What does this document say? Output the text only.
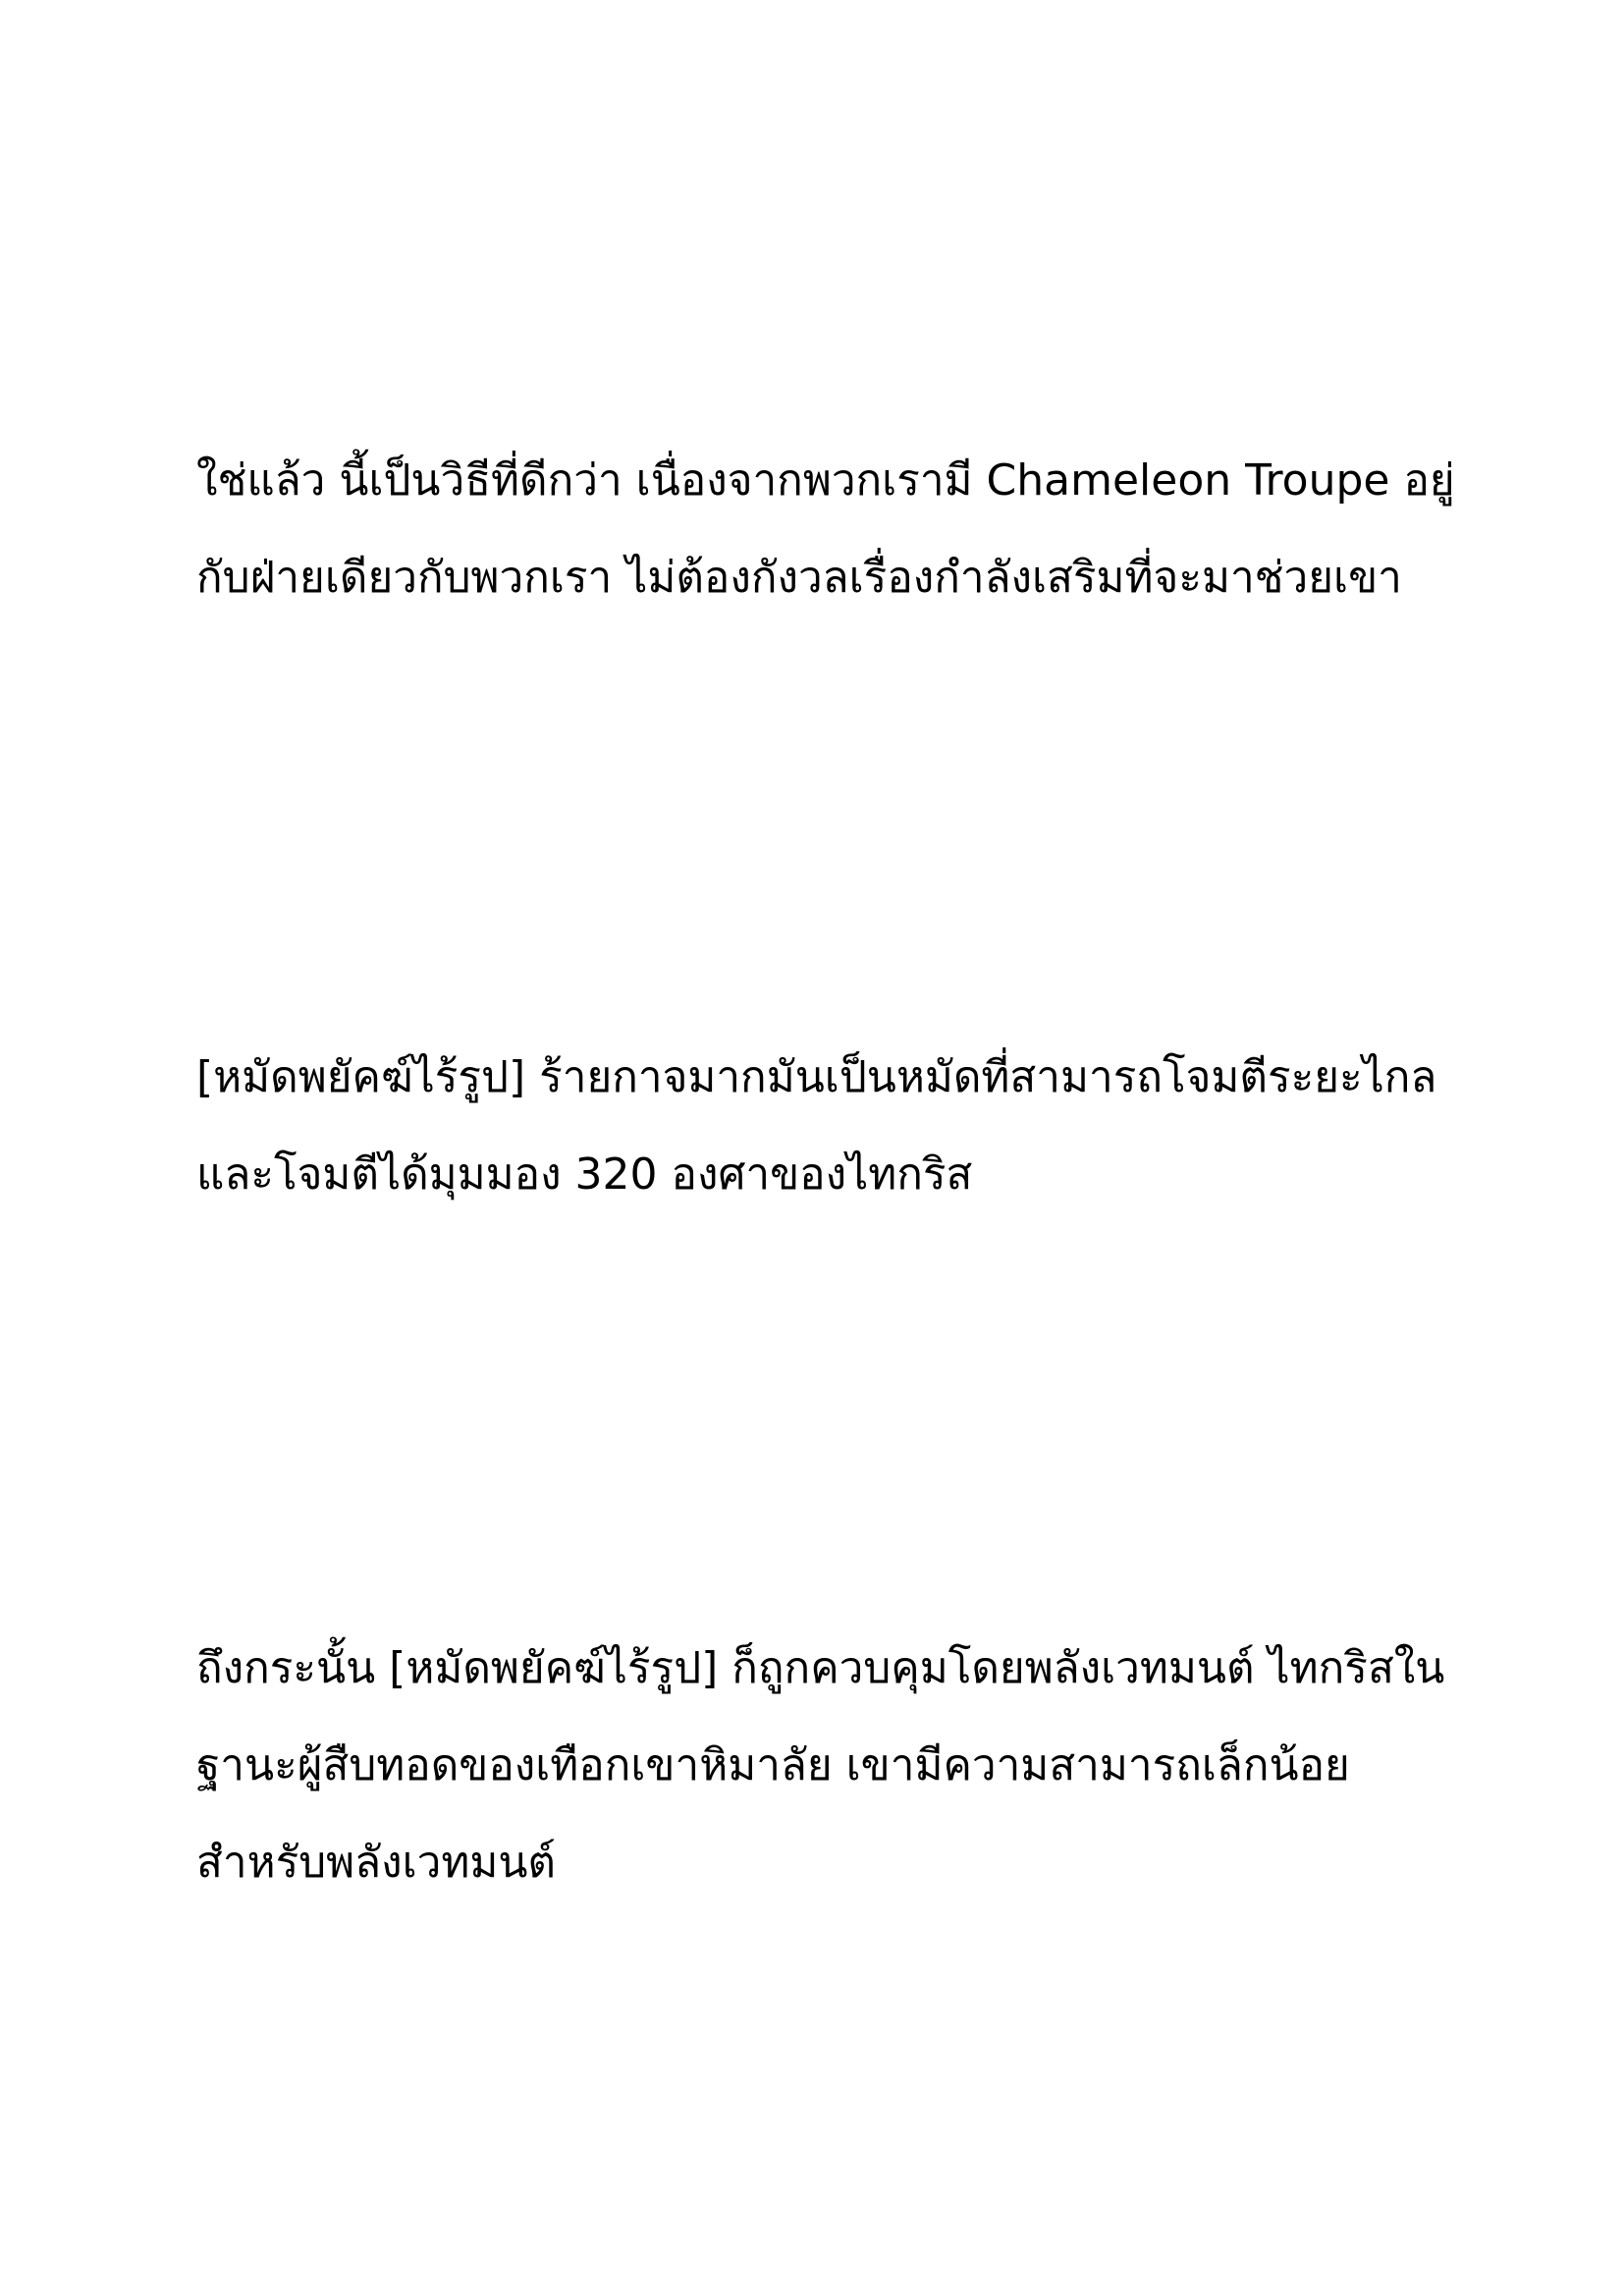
ใช่แล้ว นี้เป็นวิธีที่ดีกว่า เนื่องจากพวกเรามี Chameleon Troupe อยู่
กับฝ่ายเดียวกับพวกเรา ไม่ต้องกังวลเรื่องกำลังเสริมที่จะมาช่วยเขา
[หมัดพยัคฆ์ไร้รูป] ร้ายกาจมากมันเป็นหมัดที่สามารถโจมตีระยะไกล
และโจมตีได้มุมมอง 320 องศาของไทกริส
ถึงกระนั้น [หมัดพยัคฆ์ไร้รูป] ก็ถูกควบคุมโดยพลังเวทมนต์ ไทกริสใน
ฐานะผู้สืบทอดของเทือกเขาหิมาลัย เขามีความสามารถเล็กน้อย
สำหรับพลังเวทมนต์
